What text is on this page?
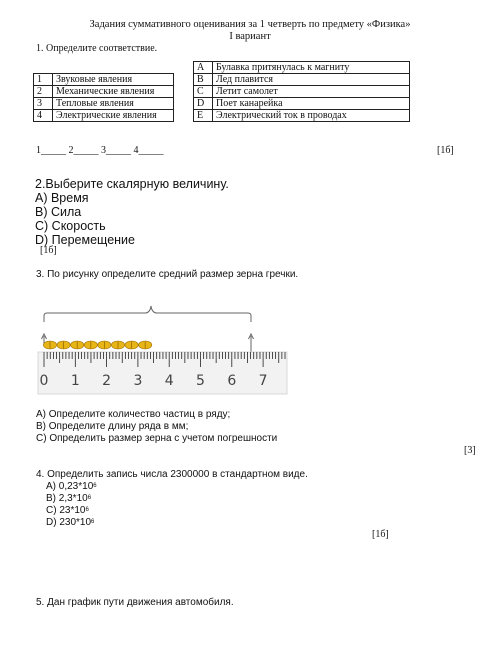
Задания суммативного оценивания за 1 четверть по предмету «Физика»
I вариант
1. Определите соответствие.
1	Звуковые явления
2	Механические явления
3	Тепловые явления
4	Электрические явления
A	Булавка притянулась к магниту
B	Лед плавится
C	Летит самолет
D	Поет канарейка
E	Электрический ток в проводах
1_____ 2_____ 3_____ 4_____	[1б]
2.Выберите скалярную величину.
A) Время
B) Сила
C) Скорость
D) Перемещение
[1б]
3. По рисунку определите средний размер зерна гречки.
0 1 2 3 4 5 6 7
А) Определите количество частиц в ряду;
В) Определите длину ряда в мм;
С) Определить размер зерна с учетом погрешности
[3]
4. Определить запись числа 2300000 в стандартном виде.
A) $0,23*10^6$
B) $2,3*10^6$
C) $23*10^6$
D) $230*10^6$
[1б]
5. Дан график пути движения автомобиля.
